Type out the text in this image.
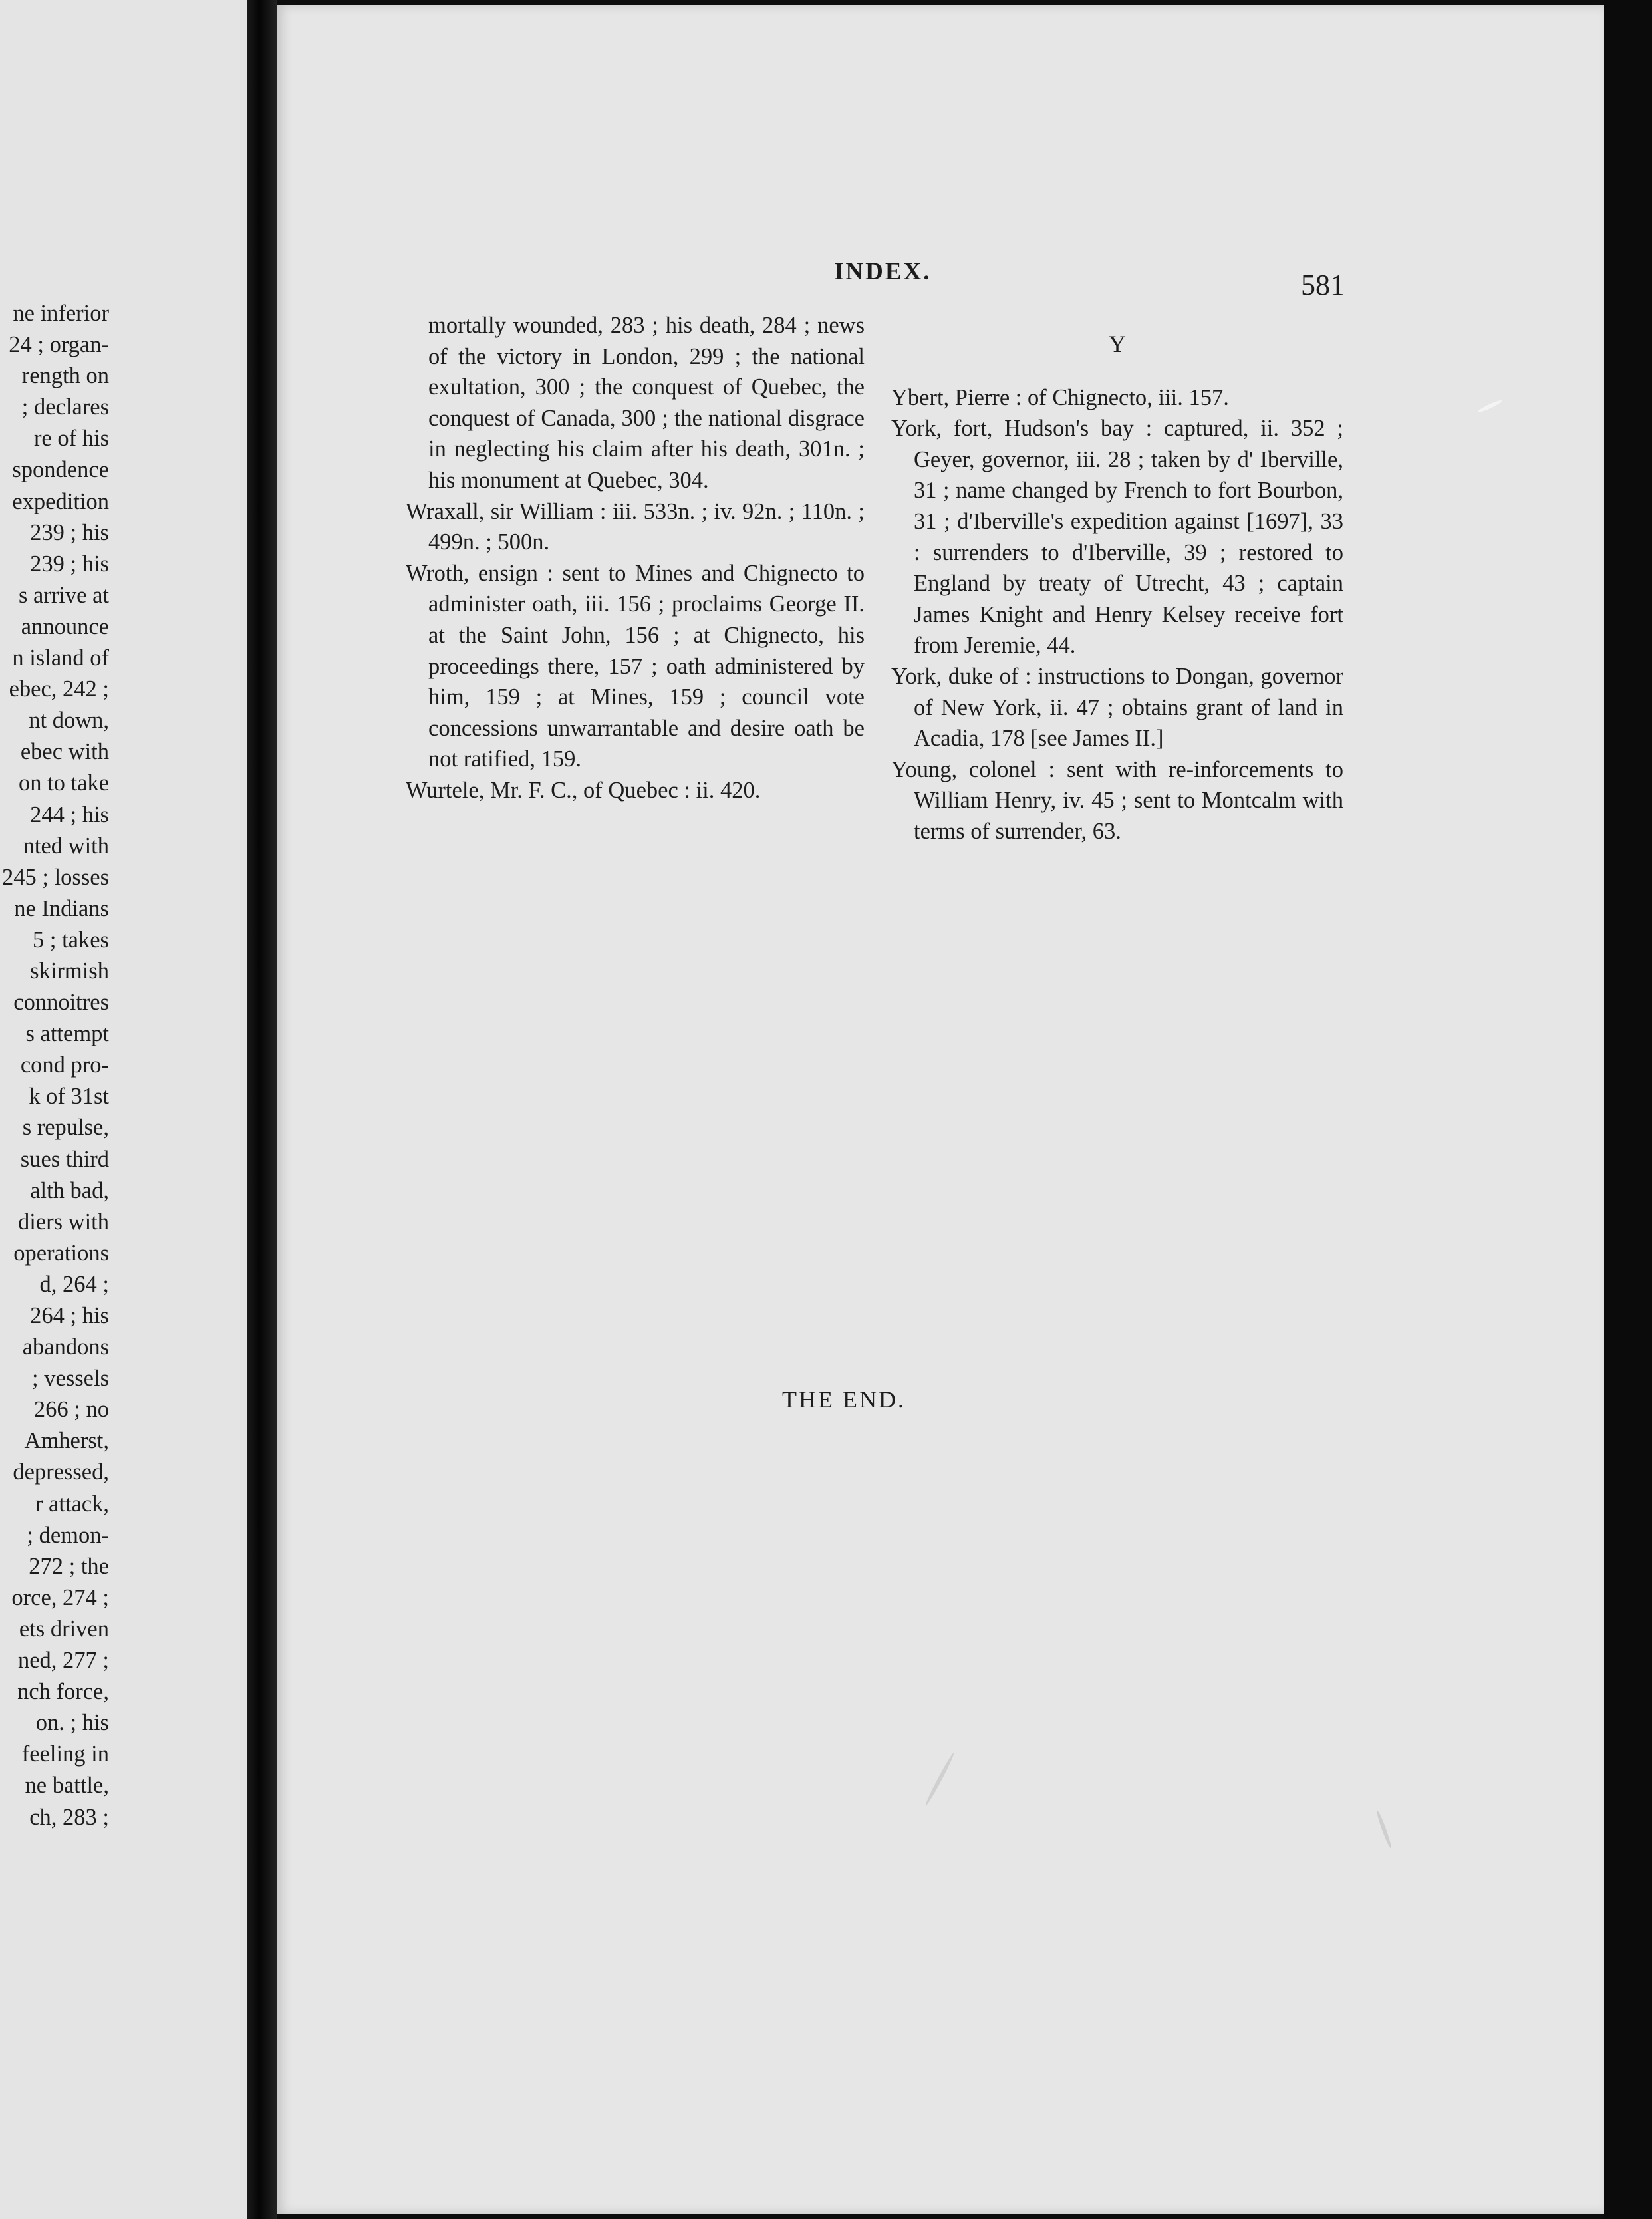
ne inferior
24 ; organ-
rength on
; declares
re of his
spondence
expedition
239 ; his
239 ; his
s arrive at
announce
n island of
ebec, 242 ;
nt down,
ebec with
on to take
244 ; his
nted with
245 ; losses
ne Indians
5 ; takes
skirmish
connoitres
s attempt
cond pro-
k of 31st
s repulse,
sues third
alth bad,
diers with
operations
d, 264 ;
264 ; his
abandons
; vessels
266 ; no
Amherst,
depressed,
r attack,
; demon-
272 ; the
orce, 274 ;
ets driven
ned, 277 ;
nch force,
on. ; his
feeling in
ne battle,
ch, 283 ;
INDEX.	581

mortally wounded, 283 ; his death, 284 ; news of the victory in London, 299 ; the national exultation, 300 ; the conquest of Quebec, the conquest of Canada, 300 ; the national disgrace in neglecting his claim after his death, 301n. ; his monument at Quebec, 304.

Wraxall, sir William : iii. 533n. ; iv. 92n. ; 110n. ; 499n. ; 500n.

Wroth, ensign : sent to Mines and Chignecto to administer oath, iii. 156 ; proclaims George II. at the Saint John, 156 ; at Chignecto, his proceedings there, 157 ; oath administered by him, 159 ; at Mines, 159 ; council vote concessions unwarrantable and desire oath be not ratified, 159.

Wurtele, Mr. F. C., of Quebec : ii. 420.

Y

Ybert, Pierre : of Chignecto, iii. 157.

York, fort, Hudson's bay : captured, ii. 352 ; Geyer, governor, iii. 28 ; taken by d' Iberville, 31 ; name changed by French to fort Bourbon, 31 ; d'Iberville's expedition against [1697], 33 : surrenders to d'Iberville, 39 ; restored to England by treaty of Utrecht, 43 ; captain James Knight and Henry Kelsey receive fort from Jeremie, 44.

York, duke of : instructions to Dongan, governor of New York, ii. 47 ; obtains grant of land in Acadia, 178 [see James II.]

Young, colonel : sent with re-inforcements to William Henry, iv. 45 ; sent to Montcalm with terms of surrender, 63.

THE END.
